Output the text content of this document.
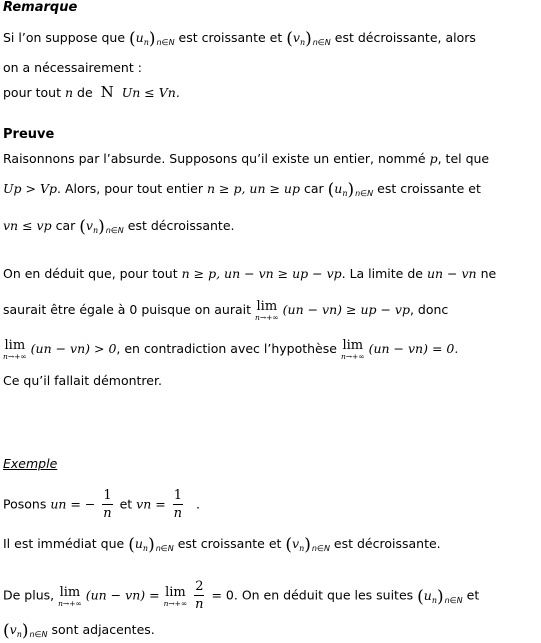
Remarque
Si l’on suppose que $(u_n)_{n\in N}$ est croissante et $(v_n)_{n\in N}$ est décroissante, alors
on a nécessairement :
pour tout n de N Un ≤ Vn.
Preuve
Raisonnons par l’absurde. Supposons qu’il existe un entier, nommé p, tel que
Up > Vp. Alors, pour tout entier n ≥ p, un ≥ up car $(u_n)_{n\in N}$ est croissante et
vn ≤ vp car $(v_n)_{n\in N}$ est décroissante.
On en déduit que, pour tout n ≥ p, un − vn ≥ up − vp. La limite de un − vn ne
saurait être égale à 0 puisque on aurait lim
n→+∞
(un − vn) ≥ up − vp, donc
lim
n→+∞
(un − vn) > 0, en contradiction avec l’hypothèse lim
n→+∞
(un − vn) = 0.
Ce qu’il fallait démontrer.
Exemple
Posons un = − $\frac{1}{n}$ et vn = $\frac{1}{n}$ .
Il est immédiat que $(u_n)_{n\in N}$ est croissante et $(v_n)_{n\in N}$ est décroissante.
De plus, lim
n→+∞
(un − vn) = lim
n→+∞
$\frac{2}{n} = 0$. On en déduit que les suites $(u_n)_{n\in N}$ et
$(v_n)_{n\in N}$ sont adjacentes.
